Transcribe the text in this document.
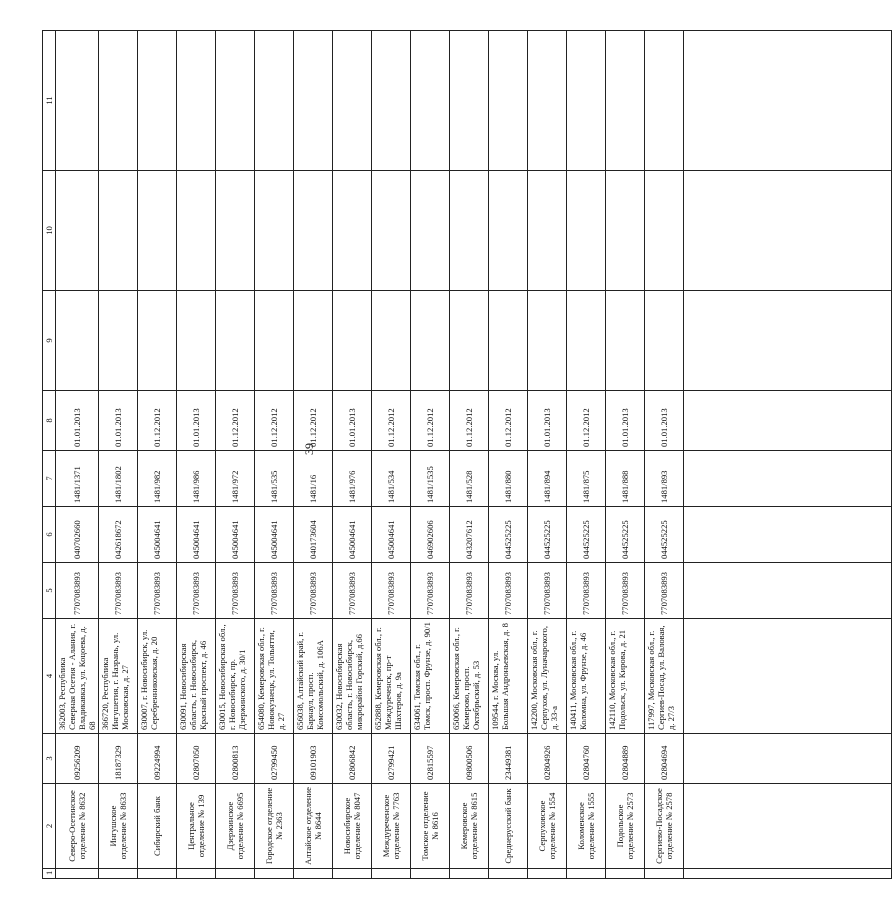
39
1	2	3	4	5	6	7	8	9	10	11
	Северо-Осетинское отделение № 8632	09256209	362003, Республика Северная Осетия - Алания, г. Владикавказ, ул. Коцоева, д. 68	7707083893	040702660	1481/1371	01.01.2013			
	Ингушское отделение № 8633	18187329	366720, Республика Ингушетия, г. Назрань, ул. Московская, д. 27	7707083893	042618672	1481/1802	01.01.2013			
	Сибирский банк	09224994	630007, г. Новосибирск, ул. Серебренниковская, д. 20	7707083893	045004641	1481/982	01.12.2012			
	Центральное отделение № 139	02807050	630091, Новосибирская область, г. Новосибирск, Красный проспект, д. 46	7707083893	045004641	1481/986	01.01.2013			
	Дзержинское отделение № 6695	02800813	630015, Новосибирская обл., г. Новосибирск, пр. Дзержинского, д. 30/1	7707083893	045004641	1481/972	01.12.2012			
	Городское отделение № 2363	02799450	654080, Кемеровская обл., г. Новокузнецк, ул. Тольятти, д. 27	7707083893	045004641	1481/535	01.12.2012			
	Алтайское отделение № 8644	09101903	656038, Алтайский край, г. Барнаул, просп. Комсомольский, д. 106А	7707083893	040173604	1481/16	01.12.2012			
	Новосибирское отделение № 8047	02806842	630032, Новосибирская область, г. Новосибирск, микрорайон Горский, д.66	7707083893	045004641	1481/976	01.01.2013			
	Междуреченское отделение № 7763	02799421	652888, Кемеровская обл., г. Междуреченск, пр-т Шахтеров, д. 9а	7707083893	045004641	1481/534	01.12.2012			
	Томское отделение № 8616	02815597	634061, Томская обл., г. Томск, просп. Фрунзе, д. 90/1	7707083893	046902606	1481/1535	01.12.2012			
	Кемеровское отделение № 8615	09800506	650066, Кемеровская обл., г. Кемерово, просп. Октябрьский, д. 53	7707083893	043207612	1481/528	01.12.2012			
	Среднерусский банк	23449381	109544, г. Москва, ул. Большая Андроньевская, д. 8	7707083893	044525225	1481/880	01.12.2012			
	Серпуховское отделение № 1554	02804926	142200, Московская обл., г. Серпухов, ул. Луначарского, д. 33-а	7707083893	044525225	1481/894	01.01.2013			
	Коломенское отделение № 1555	02804760	140411, Московская обл., г. Коломна, ул. Фрунзе, д. 46	7707083893	044525225	1481/875	01.12.2012			
	Подольское отделение № 2573	02804889	142110, Московская обл., г. Подольск, ул. Кирова, д. 21	7707083893	044525225	1481/888	01.01.2013			
	Сергиево-Посадское отделение № 2578	02804694	117997, Московская обл., г. Сергиев-Посад, ул. Валовая, д. 27/3	7707083893	044525225	1481/893	01.01.2013			
